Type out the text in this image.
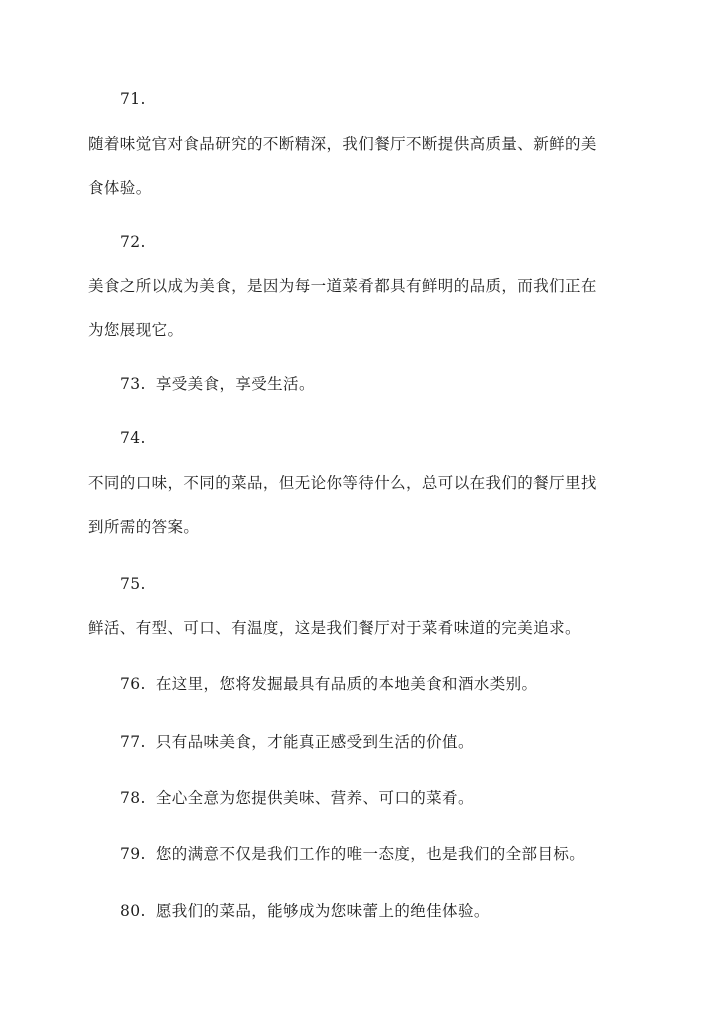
71.
随着味觉官对食品研究的不断精深，我们餐厅不断提供高质量、新鲜的美
食体验。
72.
美食之所以成为美食，是因为每一道菜肴都具有鲜明的品质，而我们正在
为您展现它。
73. 享受美食，享受生活。
74.
不同的口味，不同的菜品，但无论你等待什么，总可以在我们的餐厅里找
到所需的答案。
75.
鲜活、有型、可口、有温度，这是我们餐厅对于菜肴味道的完美追求。
76. 在这里，您将发掘最具有品质的本地美食和酒水类别。
77. 只有品味美食，才能真正感受到生活的价值。
78. 全心全意为您提供美味、营养、可口的菜肴。
79. 您的满意不仅是我们工作的唯一态度，也是我们的全部目标。
80. 愿我们的菜品，能够成为您味蕾上的绝佳体验。
